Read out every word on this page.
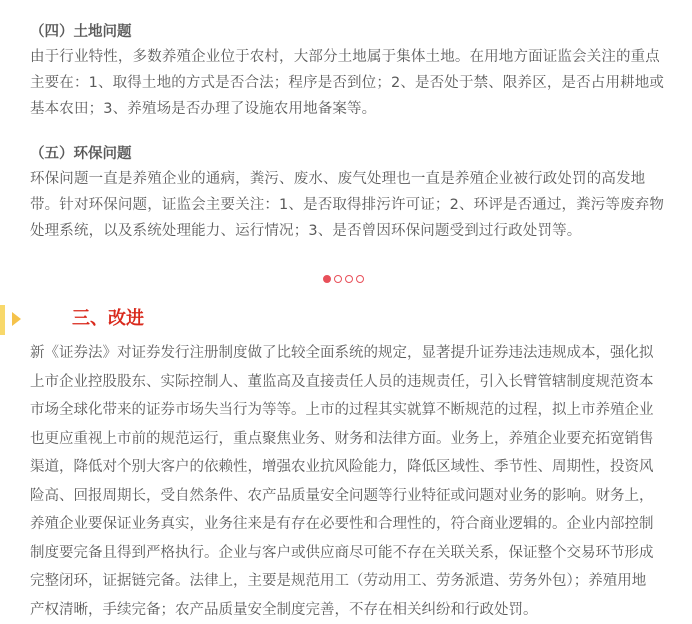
（四）土地问题
由于行业特性，多数养殖企业位于农村，大部分土地属于集体土地。在用地方面证监会关注的重点
主要在：1、取得土地的方式是否合法；程序是否到位；2、是否处于禁、限养区，是否占用耕地或
基本农田；3、养殖场是否办理了设施农用地备案等。
（五）环保问题
环保问题一直是养殖企业的通病，粪污、废水、废气处理也一直是养殖企业被行政处罚的高发地
带。针对环保问题，证监会主要关注：1、是否取得排污许可证；2、环评是否通过，粪污等废弃物
处理系统，以及系统处理能力、运行情况；3、是否曾因环保问题受到过行政处罚等。
三、改进
新《证券法》对证券发行注册制度做了比较全面系统的规定，显著提升证券违法违规成本，强化拟
上市企业控股股东、实际控制人、董监高及直接责任人员的违规责任，引入长臂管辖制度规范资本
市场全球化带来的证券市场失当行为等等。上市的过程其实就算不断规范的过程，拟上市养殖企业
也更应重视上市前的规范运行，重点聚焦业务、财务和法律方面。业务上，养殖企业要充拓宽销售
渠道，降低对个别大客户的依赖性，增强农业抗风险能力，降低区域性、季节性、周期性，投资风
险高、回报周期长，受自然条件、农产品质量安全问题等行业特征或问题对业务的影响。财务上，
养殖企业要保证业务真实，业务往来是有存在必要性和合理性的，符合商业逻辑的。企业内部控制
制度要完备且得到严格执行。企业与客户或供应商尽可能不存在关联关系，保证整个交易环节形成
完整闭环，证据链完备。法律上，主要是规范用工（劳动用工、劳务派遣、劳务外包）；养殖用地
产权清晰，手续完备；农产品质量安全制度完善，不存在相关纠纷和行政处罚。
